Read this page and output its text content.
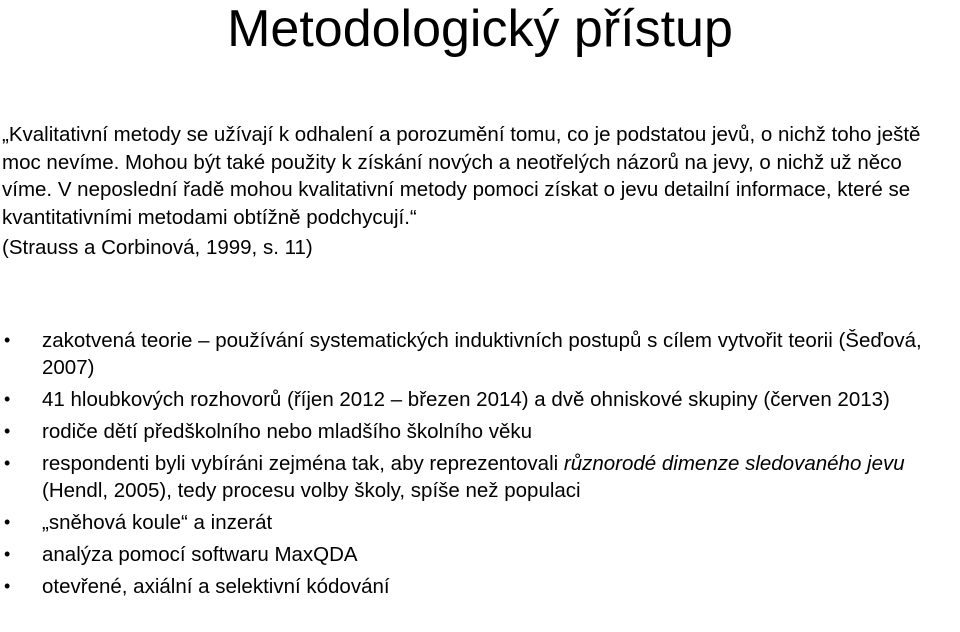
Metodologický přístup

„Kvalitativní metody se užívají k odhalení a porozumění tomu, co je podstatou jevů, o nichž toho ještě moc nevíme. Mohou být také použity k získání nových a neotřelých názorů na jevy, o nichž už něco víme. V neposlední řadě mohou kvalitativní metody pomoci získat o jevu detailní informace, které se kvantitativními metodami obtížně podchycují.“

(Strauss a Corbinová, 1999, s. 11)

• zakotvená teorie – používání systematických induktivních postupů s cílem vytvořit teorii (Šeďová, 2007)
• 41 hloubkových rozhovorů (říjen 2012 – březen 2014) a dvě ohniskové skupiny (červen 2013)
• rodiče dětí předškolního nebo mladšího školního věku
• respondenti byli vybíráni zejména tak, aby reprezentovali různorodé dimenze sledovaného jevu (Hendl, 2005), tedy procesu volby školy, spíše než populaci
• „sněhová koule“ a inzerát
• analýza pomocí softwaru MaxQDA
• otevřené, axiální a selektivní kódování
